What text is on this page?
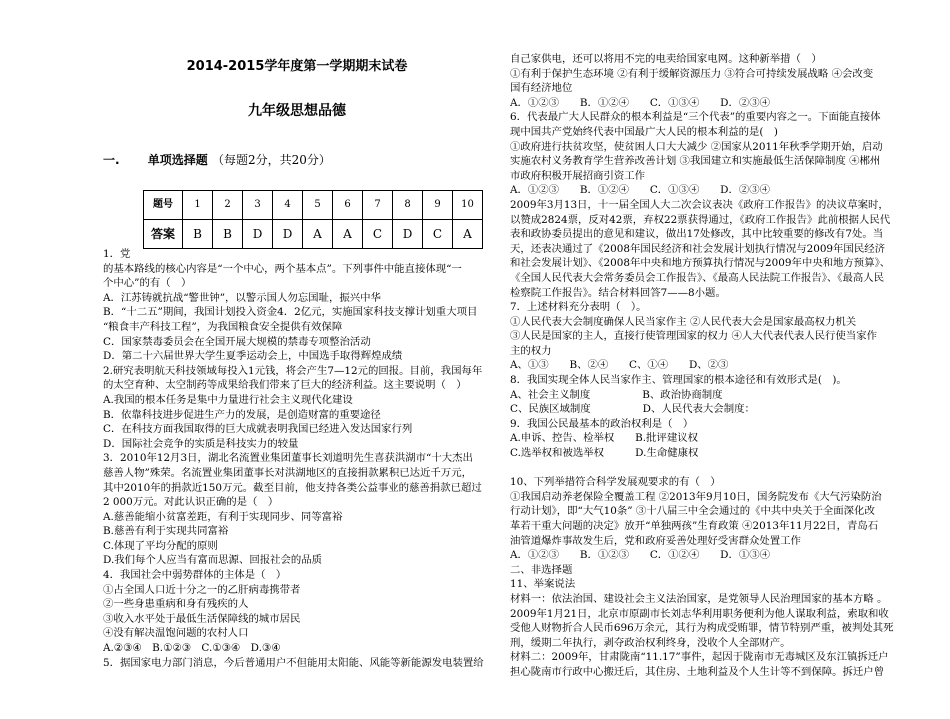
2014-2015学年度第一学期期末试卷
九年级思想品德
一. 单项选择题 （每题2分，共20分）
题号	1	2	3	4	5	6	7	8	9	10
答案	B	B	D	D	A	A	C	D	C	A
1．党
的基本路线的核心内容是“一个中心，两个基本点”。下列事件中能直接体现“一
个中心”的有（　）
A．江苏铸就抗战“警世钟”，以警示国人勿忘国耻，振兴中华
B．“十二五”期间，我国计划投入资金4．2亿元，实施国家科技支撑计划重大项目
“粮食丰产科技工程”，为我国粮食安全提供有效保障
C．国家禁毒委员会在全国开展大规模的禁毒专项整治活动
D．第二十六届世界大学生夏季运动会上，中国选手取得辉煌成绩
2.研究表明航天科技领域每投入1元钱，将会产生7—12元的回报。目前，我国每年
的太空育种、太空制药等成果给我们带来了巨大的经济利益。这主要说明（　）
A.我国的根本任务是集中力量进行社会主义现代化建设
B．依靠科技进步促进生产力的发展，是创造财富的重要途径
C．在科技方面我国取得的巨大成就表明我国已经进入发达国家行列
D．国际社会竞争的实质是科技实力的较量
3．2010年12月3日，湖北名流置业集团董事长刘道明先生喜获洪湖市“十大杰出
慈善人物”殊荣。名流置业集团董事长对洪湖地区的直接捐款累积已达近千万元，
其中2010年的捐款近150万元。截至目前，他支持各类公益事业的慈善捐款已超过
2 000万元。对此认识正确的是（　）
A.慈善能缩小贫富差距，有利于实现同步、同等富裕
B.慈善有利于实现共同富裕
C.体现了平均分配的原则
D.我们每个人应当有富而思源、回报社会的品质
4．我国社会中弱势群体的主体是（　）
①占全国人口近十分之一的乙肝病毒携带者
②一些身患重病和身有残疾的人
③收入水平处于最低生活保障线的城市居民
④没有解决温饱问题的农村人口
A.②③④　B.①②③　C.①③④　D.③④
5．据国家电力部门消息，今后普通用户不但能用太阳能、风能等新能源发电装置给
自己家供电，还可以将用不完的电卖给国家电网。这种新举措（　）
①有利于保护生态环境 ②有利于缓解资源压力 ③符合可持续发展战略 ④会改变
国有经济地位
A．①②③　　B．①②④　　C．①③④　　D．②③④
6．代表最广大人民群众的根本利益是“三个代表”的重要内容之一。下面能直接体
现中国共产党始终代表中国最广大人民的根本利益的是(　)
①政府进行扶贫攻坚，使贫困人口大大减少 ②国家从2011年秋季学期开始，启动
实施农村义务教育学生营养改善计划 ③我国建立和实施最低生活保障制度 ④郴州
市政府积极开展招商引资工作
A．①②③　　B．①②④　　C．①③④　　D．②③④
2009年3月13日，十一届全国人大二次会议表决《政府工作报告》的决议草案时，
以赞成2824票，反对42票，弃权22票获得通过，《政府工作报告》此前根据人民代
表和政协委员提出的意见和建议，做出17处修改，其中比较重要的修改有7处。当
天，还表决通过了《2008年国民经济和社会发展计划执行情况与2009年国民经济
和社会发展计划》、《2008年中央和地方预算执行情况与2009年中央和地方预算》、
《全国人民代表大会常务委员会工作报告》、《最高人民法院工作报告》、《最高人民
检察院工作报告》。结合材料回答7——8小题。
7．上述材料充分表明（　）。
①人民代表大会制度确保人民当家作主 ②人民代表大会是国家最高权力机关
③人民是国家的主人，直接行使管理国家的权力 ④人大代表代表人民行使当家作
主的权力
A、①③　　B、②④　　C、①④　　D、②③
8．我国实现全体人民当家作主、管理国家的根本途径和有效形式是(　)。
A、社会主义制度　　　　　B、政治协商制度
C、民族区域制度　　　　　D、人民代表大会制度：
9．我国公民最基本的政治权利是（　）
A.申诉、控告、检举权　　B.批评建议权
C.选举权和被选举权　　　D.生命健康权

10、下列举措符合科学发展观要求的有（　）
①我国启动养老保险全覆盖工程 ②2013年9月10日，国务院发布《大气污染防治
行动计划》，即“大气10条” ③十八届三中全会通过的《中共中央关于全面深化改
革若干重大问题的决定》放开“单独两孩”生育政策 ④2013年11月22日，青岛石
油管道爆炸事故发生后，党和政府妥善处理好受害群众处置工作
A．①②③　　B．①②③　　C．①②④　　D．①③④
二、非选择题
11、举案说法
材料一：依法治国、建设社会主义法治国家，是党领导人民治理国家的基本方略 。
2009年1月21日，北京市原副市长刘志华利用职务便利为他人谋取利益，索取和收
受他人财物折合人民币696万余元，其行为构成受贿罪，情节特别严重，被判处其死
刑，缓期二年执行，剥夺政治权利终身，没收个人全部财产。
材料二：2009年，甘肃陇南“11.17”事件，起因于陇南市无毒城区及东江镇拆迁户
担心陇南市行政中心搬迁后，其住房、土地利益及个人生计等不到保障。拆迁户曾
